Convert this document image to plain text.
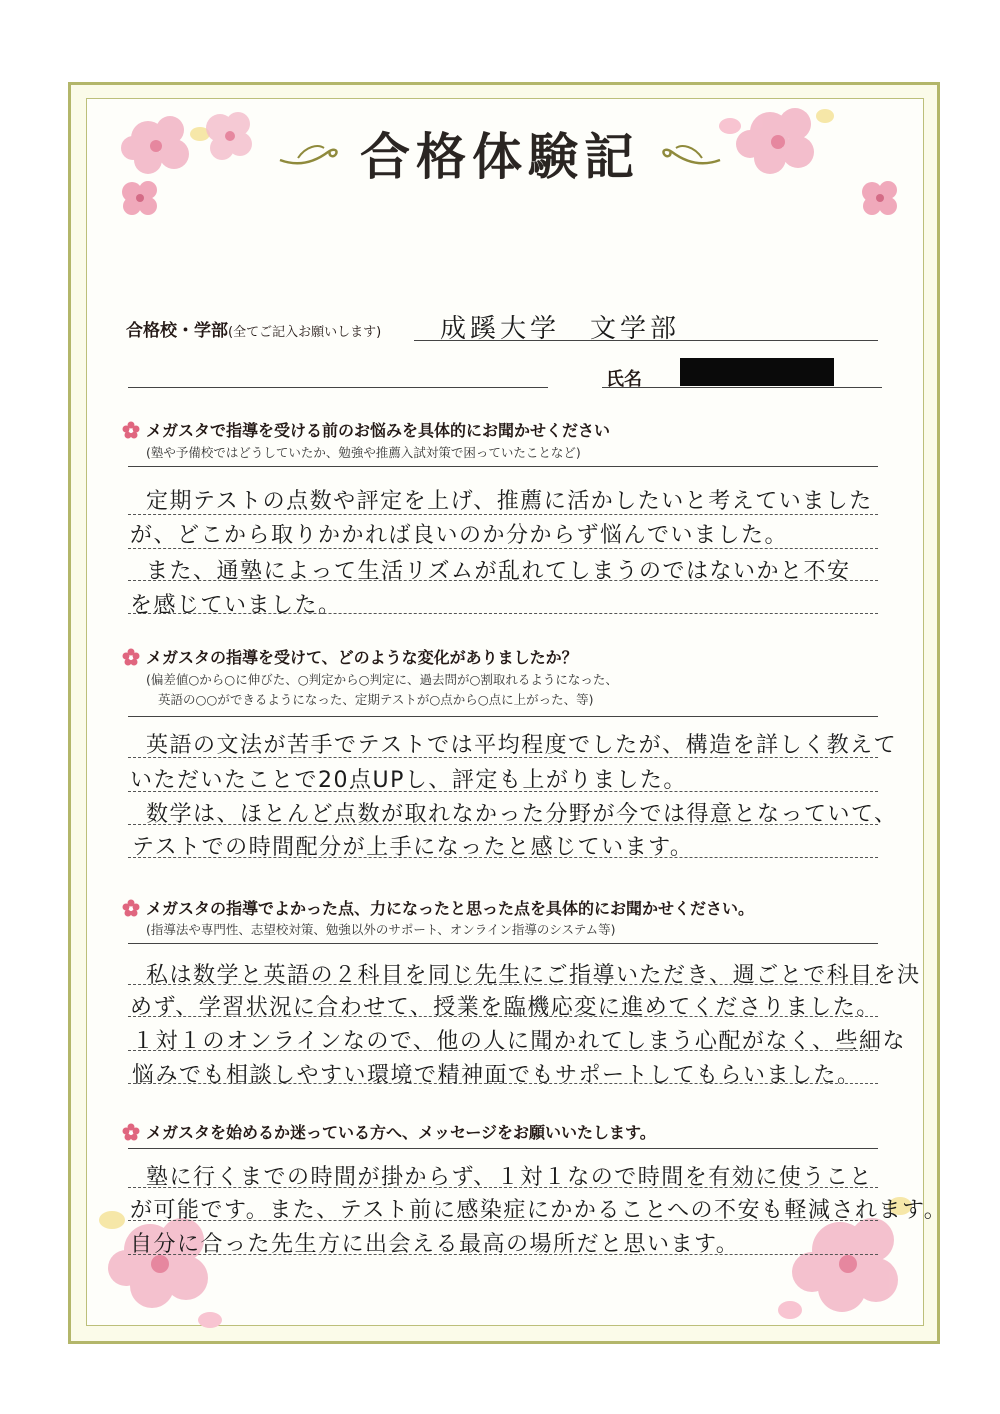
合格体験記
合格校・学部(全てご記入お願いします) 成蹊大学　文学部
氏名
メガスタで指導を受ける前のお悩みを具体的にお聞かせください
(塾や予備校ではどうしていたか、勉強や推薦入試対策で困っていたことなど)
定期テストの点数や評定を上げ、推薦に活かしたいと考えていました
が、どこから取りかかれば良いのか分からず悩んでいました。
また、通塾によって生活リズムが乱れてしまうのではないかと不安
を感じていました。
メガスタの指導を受けて、どのような変化がありましたか？
(偏差値○から○に伸びた、○判定から○判定に、過去問が○割取れるようになった、
英語の○○ができるようになった、定期テストが○点から○点に上がった、等)
英語の文法が苦手でテストでは平均程度でしたが、構造を詳しく教えて
いただいたことで20点UPし、評定も上がりました。
数学は、ほとんど点数が取れなかった分野が今では得意となっていて、
テストでの時間配分が上手になったと感じています。
メガスタの指導でよかった点、力になったと思った点を具体的にお聞かせください。
(指導法や専門性、志望校対策、勉強以外のサポート、オンライン指導のシステム等)
私は数学と英語の２科目を同じ先生にご指導いただき、週ごとで科目を決
めず、学習状況に合わせて、授業を臨機応変に進めてくださりました。
１対１のオンラインなので、他の人に聞かれてしまう心配がなく、些細な
悩みでも相談しやすい環境で精神面でもサポートしてもらいました。
メガスタを始めるか迷っている方へ、メッセージをお願いいたします。
塾に行くまでの時間が掛からず、１対１なので時間を有効に使うこと
が可能です。また、テスト前に感染症にかかることへの不安も軽減されます。
自分に合った先生方に出会える最高の場所だと思います。
